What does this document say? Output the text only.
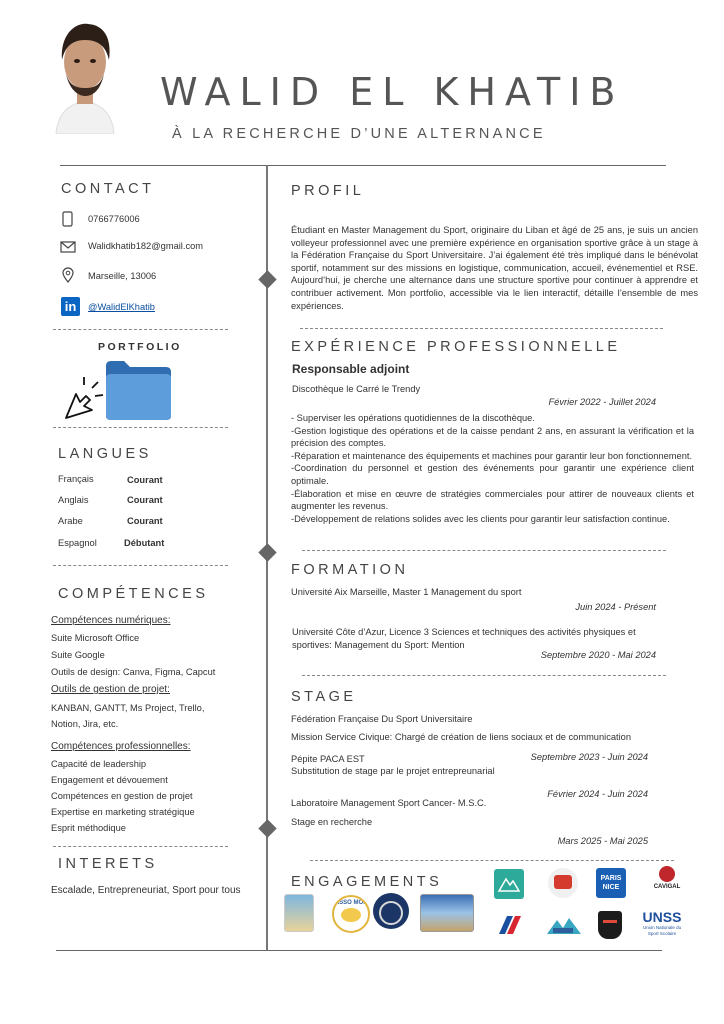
WALID EL KHATIB
À LA RECHERCHE D’UNE ALTERNANCE
CONTACT
0766776006
Walidkhatib182@gmail.com
Marseille, 13006
in	@WalidElKhatib
PORTFOLIO
LANGUES
Français	Courant
Anglais	Courant
Arabe	Courant
Espagnol	Débutant
COMPÉTENCES
Compétences numériques:
Suite Microsoft Office
Suite Google
Outils de design: Canva, Figma, Capcut
Outils de gestion de projet:
KANBAN, GANTT, Ms Project, Trello,
Notion, Jira, etc.
Compétences professionnelles:
Capacité de leadership
Engagement et dévouement
Compétences en gestion de projet
Expertise en marketing stratégique
Esprit méthodique
INTERETS
Escalade, Entrepreneuriat, Sport pour tous
PROFIL
Étudiant en Master Management du Sport, originaire du Liban et âgé de 25 ans, je suis un ancien volleyeur professionnel avec une première expérience en organisation sportive grâce à un stage à la Fédération Française du Sport Universitaire. J’ai également été très impliqué dans le bénévolat sportif, notamment sur des missions en logistique, communication, accueil, événementiel et RSE. Aujourd’hui, je cherche une alternance dans une structure sportive pour continuer à apprendre et contribuer activement. Mon portfolio, accessible via le lien interactif, détaille l’ensemble de mes expériences.
EXPÉRIENCE PROFESSIONNELLE
Responsable adjoint
Discothèque le Carré le Trendy
Février 2022 - Juillet 2024
- Superviser les opérations quotidiennes de la discothèque.
-Gestion logistique des opérations et de la caisse pendant 2 ans, en assurant la vérification et la précision des comptes.
-Réparation et maintenance des équipements et machines pour garantir leur bon fonctionnement.
-Coordination du personnel et gestion des événements pour garantir une expérience client optimale.
-Élaboration et mise en œuvre de stratégies commerciales pour attirer de nouveaux clients et augmenter les revenus.
-Développement de relations solides avec les clients pour garantir leur satisfaction continue.
FORMATION
Université Aix Marseille, Master 1 Management du sport
Juin 2024 - Présent
Université Côte d’Azur, Licence 3 Sciences et techniques des activités physiques et sportives: Management du Sport: Mention
Septembre 2020 - Mai 2024
STAGE
Fédération Française Du Sport Universitaire
Mission Service Civique: Chargé de création de liens sociaux et de communication
Septembre 2023 - Juin 2024
Pépite PACA EST
Substitution de stage par le projet entrepreunarial
Février 2024 - Juin 2024
Laboratoire Management Sport Cancer- M.S.C.
Stage en recherche
Mars 2025 - Mai 2025
ENGAGEMENTS
ASSO MOS
PARIS
NICE	CAVIGAL
UNSS
Union Nationale du Sport Scolaire
